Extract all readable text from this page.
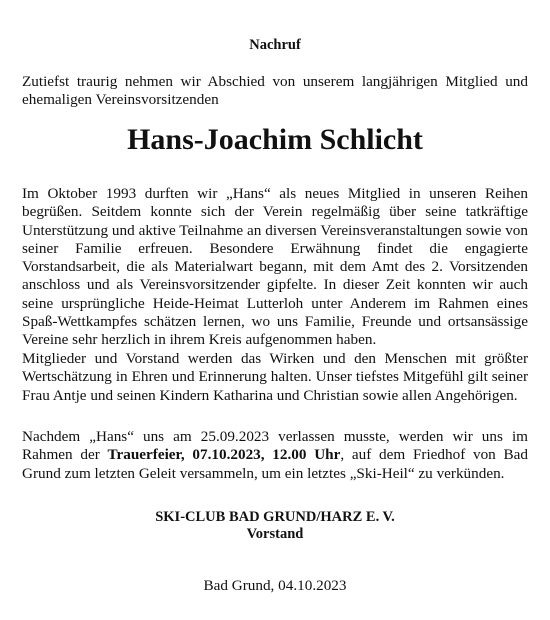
Nachruf
Zutiefst traurig nehmen wir Abschied von unserem langjährigen Mitglied und ehemaligen Vereinsvorsitzenden
Hans-Joachim Schlicht

Im Oktober 1993 durften wir „Hans“ als neues Mitglied in unseren Reihen begrüßen. Seitdem konnte sich der Verein regelmäßig über seine tatkräftige Unterstützung und aktive Teilnahme an diversen Vereinsveranstaltungen sowie von seiner Familie erfreuen. Besondere Erwähnung findet die engagierte Vorstandsarbeit, die als Materialwart begann, mit dem Amt des 2. Vorsitzenden anschloss und als Vereinsvorsitzender gipfelte. In dieser Zeit konnten wir auch seine ursprüngliche Heide-Heimat Lutterloh unter Anderem im Rahmen eines Spaß-Wettkampfes schätzen lernen, wo uns Familie, Freunde und ortsansässige Vereine sehr herzlich in ihrem Kreis aufgenommen haben.

Mitglieder und Vorstand werden das Wirken und den Menschen mit größter Wertschätzung in Ehren und Erinnerung halten. Unser tiefstes Mitgefühl gilt seiner Frau Antje und seinen Kindern Katharina und Christian sowie allen Angehörigen.

Nachdem „Hans“ uns am 25.09.2023 verlassen musste, werden wir uns im Rahmen der Trauerfeier, 07.10.2023, 12.00 Uhr, auf dem Friedhof von Bad Grund zum letzten Geleit versammeln, um ein letztes „Ski-Heil“ zu verkünden.

SKI-CLUB BAD GRUND/HARZ E. V.
Vorstand
Bad Grund, 04.10.2023
